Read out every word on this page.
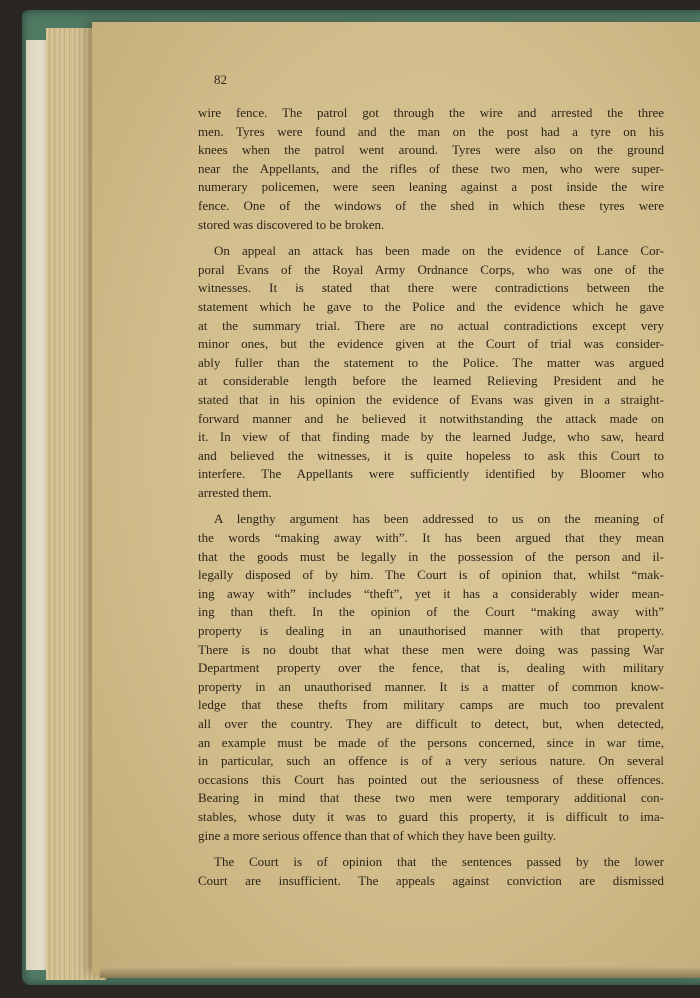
82

wire fence. The patrol got through the wire and arrested the three
men. Tyres were found and the man on the post had a tyre on his
knees when the patrol went around. Tyres were also on the ground
near the Appellants, and the rifles of these two men, who were super-
numerary policemen, were seen leaning against a post inside the wire
fence. One of the windows of the shed in which these tyres were
stored was discovered to be broken.

On appeal an attack has been made on the evidence of Lance Cor-
poral Evans of the Royal Army Ordnance Corps, who was one of the
witnesses. It is stated that there were contradictions between the
statement which he gave to the Police and the evidence which he gave
at the summary trial. There are no actual contradictions except very
minor ones, but the evidence given at the Court of trial was consider-
ably fuller than the statement to the Police. The matter was argued
at considerable length before the learned Relieving President and he
stated that in his opinion the evidence of Evans was given in a straight-
forward manner and he believed it notwithstanding the attack made on
it. In view of that finding made by the learned Judge, who saw, heard
and believed the witnesses, it is quite hopeless to ask this Court to
interfere. The Appellants were sufficiently identified by Bloomer who
arrested them.

A lengthy argument has been addressed to us on the meaning of
the words “making away with”. It has been argued that they mean
that the goods must be legally in the possession of the person and il-
legally disposed of by him. The Court is of opinion that, whilst “mak-
ing away with” includes “theft”, yet it has a considerably wider mean-
ing than theft. In the opinion of the Court “making away with”
property is dealing in an unauthorised manner with that property.
There is no doubt that what these men were doing was passing War
Department property over the fence, that is, dealing with military
property in an unauthorised manner. It is a matter of common know-
ledge that these thefts from military camps are much too prevalent
all over the country. They are difficult to detect, but, when detected,
an example must be made of the persons concerned, since in war time,
in particular, such an offence is of a very serious nature. On several
occasions this Court has pointed out the seriousness of these offences.
Bearing in mind that these two men were temporary additional con-
stables, whose duty it was to guard this property, it is difficult to ima-
gine a more serious offence than that of which they have been guilty.

The Court is of opinion that the sentences passed by the lower
Court are insufficient. The appeals against conviction are dismissed
